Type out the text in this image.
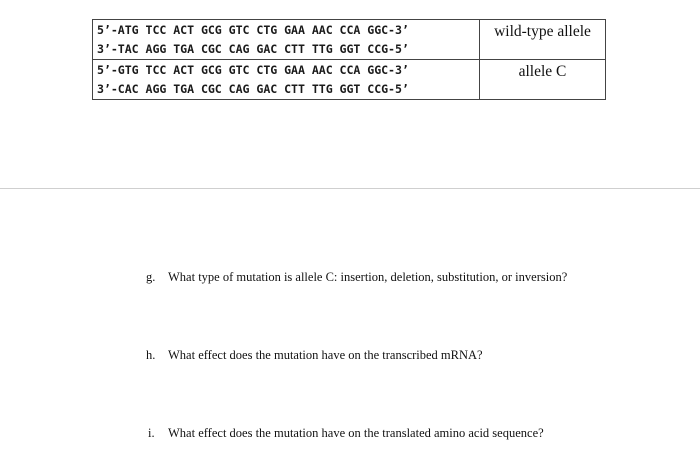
5’-ATG TCC ACT GCG GTC CTG GAA AAC CCA GGC-3’
3’-TAC AGG TGA CGC CAG GAC CTT TTG GGT CCG-5’	wild-type allele

5’-GTG TCC ACT GCG GTC CTG GAA AAC CCA GGC-3’
3’-CAC AGG TGA CGC CAG GAC CTT TTG GGT CCG-5’	allele C
g. What type of mutation is allele C: insertion, deletion, substitution, or inversion?
h. What effect does the mutation have on the transcribed mRNA?
i. What effect does the mutation have on the translated amino acid sequence?
